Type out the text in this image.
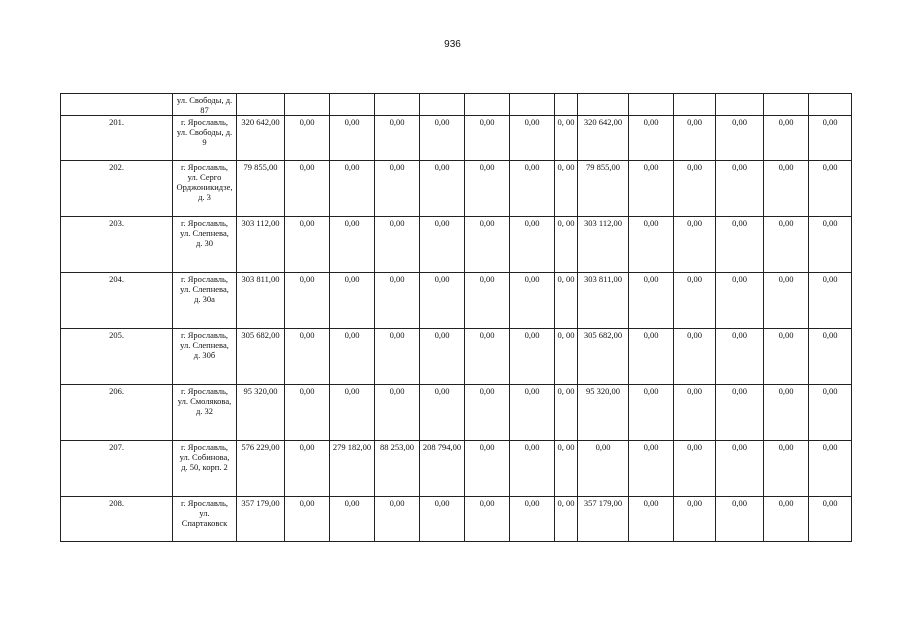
936
	ул. Свободы, д. 87															
201.	г. Ярославль, ул. Свободы, д. 9	320 642,00	0,00	0,00	0,00	0,00	0,00	0,00	0, 00	320 642,00	0,00	0,00	0,00	0,00	0,00	
202.	г. Ярославль, ул. Серго Орджоникидзе, д. 3	79 855,00	0,00	0,00	0,00	0,00	0,00	0,00	0, 00	79 855,00	0,00	0,00	0,00	0,00	0,00	
203.	г. Ярославль, ул. Слепнева, д. 30	303 112,00	0,00	0,00	0,00	0,00	0,00	0,00	0, 00	303 112,00	0,00	0,00	0,00	0,00	0,00	
204.	г. Ярославль, ул. Слепнева, д. 30а	303 811,00	0,00	0,00	0,00	0,00	0,00	0,00	0, 00	303 811,00	0,00	0,00	0,00	0,00	0,00	
205.	г. Ярославль, ул. Слепнева, д. 30б	305 682,00	0,00	0,00	0,00	0,00	0,00	0,00	0, 00	305 682,00	0,00	0,00	0,00	0,00	0,00	
206.	г. Ярославль, ул. Смолякова, д. 32	95 320,00	0,00	0,00	0,00	0,00	0,00	0,00	0, 00	95 320,00	0,00	0,00	0,00	0,00	0,00	
207.	г. Ярославль, ул. Собинова, д. 50, корп. 2	576 229,00	0,00	279 182,00	88 253,00	208 794,00	0,00	0,00	0, 00	0,00	0,00	0,00	0,00	0,00	0,00	
208.	г. Ярославль, ул. Спартаковск	357 179,00	0,00	0,00	0,00	0,00	0,00	0,00	0, 00	357 179,00	0,00	0,00	0,00	0,00	0,00	
